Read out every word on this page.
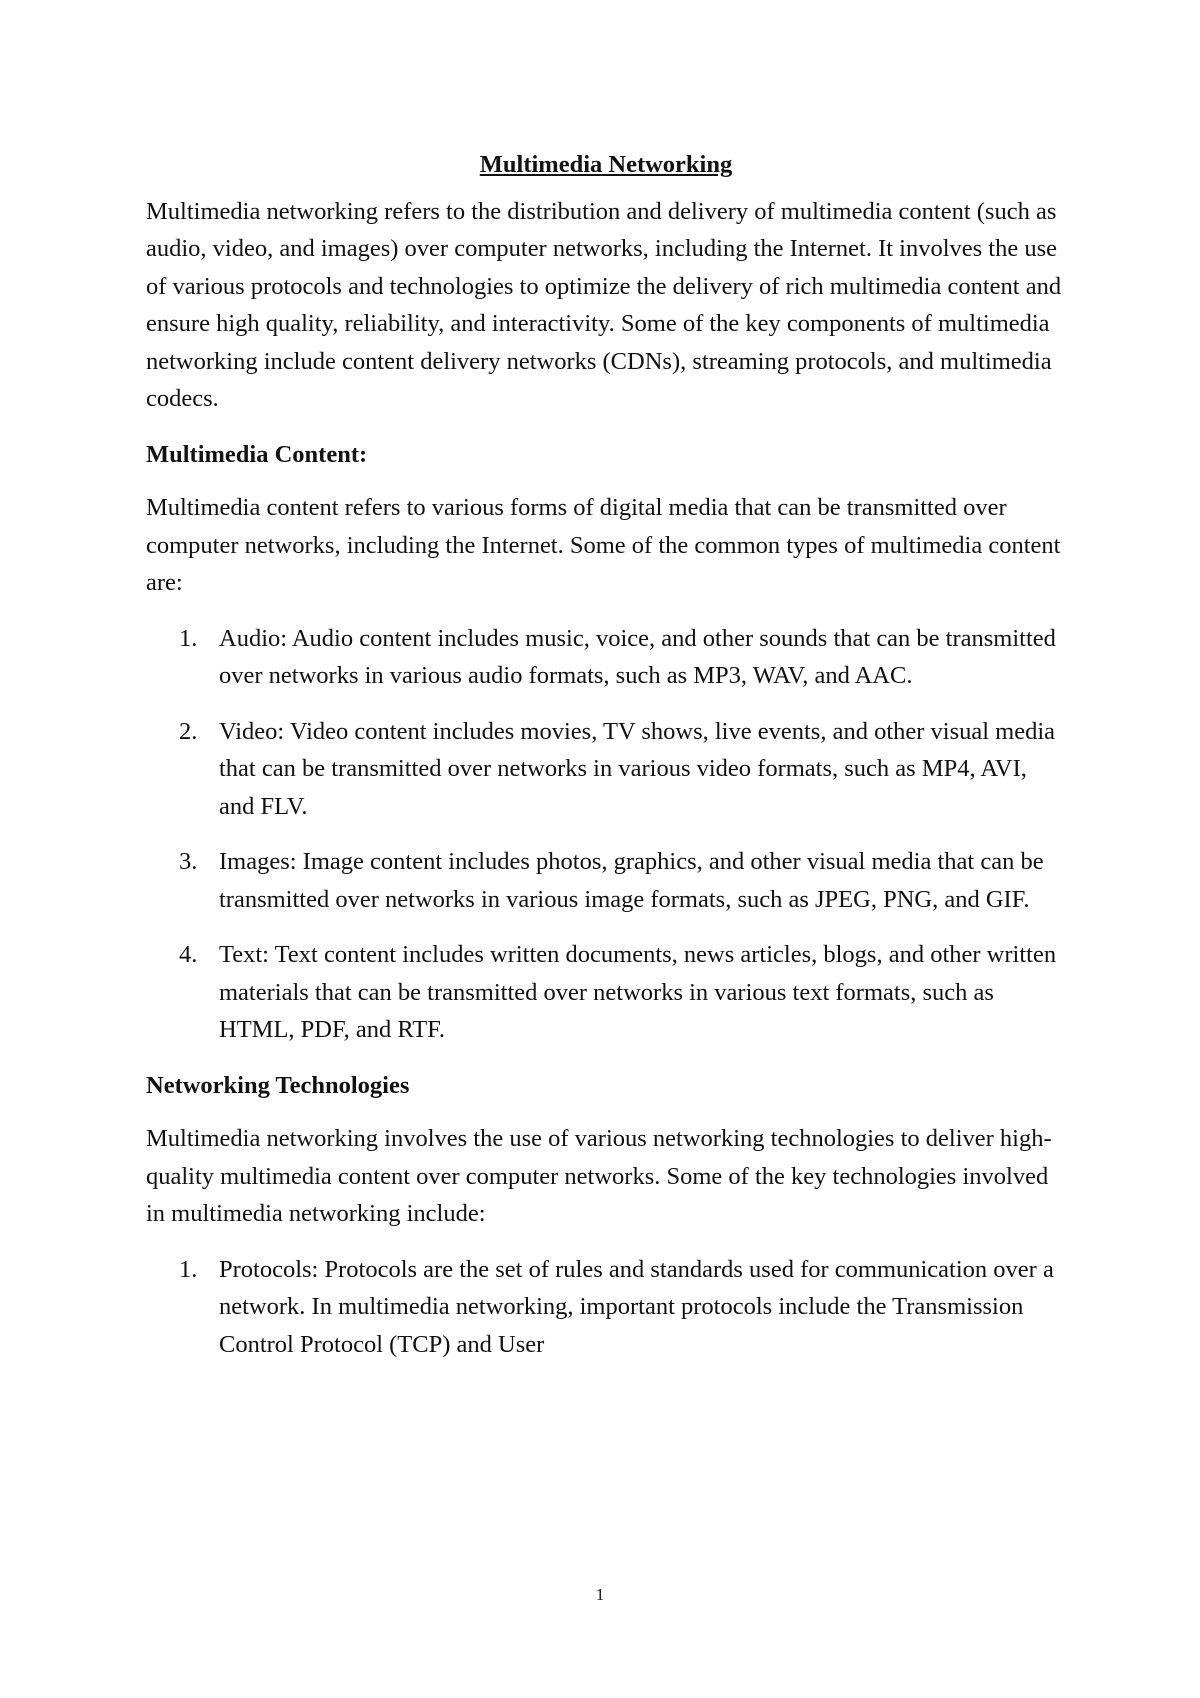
Multimedia Networking

Multimedia networking refers to the distribution and delivery of multimedia content (such as audio, video, and images) over computer networks, including the Internet. It involves the use of various protocols and technologies to optimize the delivery of rich multimedia content and ensure high quality, reliability, and interactivity. Some of the key components of multimedia networking include content delivery networks (CDNs), streaming protocols, and multimedia codecs.

Multimedia Content:

Multimedia content refers to various forms of digital media that can be transmitted over computer networks, including the Internet. Some of the common types of multimedia content are:

1. Audio: Audio content includes music, voice, and other sounds that can be transmitted over networks in various audio formats, such as MP3, WAV, and AAC.
2. Video: Video content includes movies, TV shows, live events, and other visual media that can be transmitted over networks in various video formats, such as MP4, AVI, and FLV.
3. Images: Image content includes photos, graphics, and other visual media that can be transmitted over networks in various image formats, such as JPEG, PNG, and GIF.
4. Text: Text content includes written documents, news articles, blogs, and other written materials that can be transmitted over networks in various text formats, such as HTML, PDF, and RTF.
Networking Technologies

Multimedia networking involves the use of various networking technologies to deliver high-quality multimedia content over computer networks. Some of the key technologies involved in multimedia networking include:

1. Protocols: Protocols are the set of rules and standards used for communication over a network. In multimedia networking, important protocols include the Transmission Control Protocol (TCP) and User
1
